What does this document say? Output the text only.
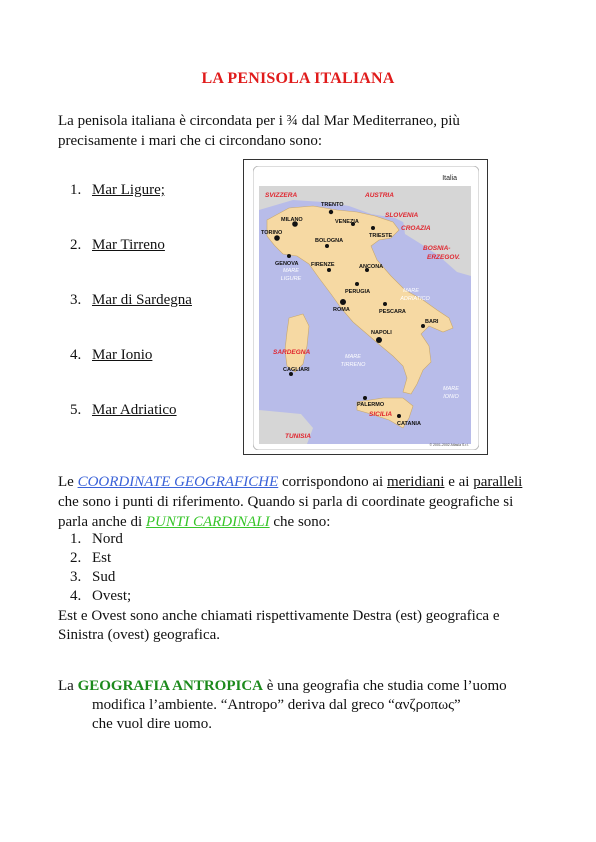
LA PENISOLA ITALIANA
La penisola italiana è circondata per i ¾ dal Mar Mediterraneo, più precisamente i mari che ci circondano sono:
1. Mar Ligure;
2. Mar Tirreno
3. Mar di Sardegna
4. Mar Ionio
5. Mar Adriatico
Italia
SVIZZERA	AUSTRIA
SLOVENIA
CROAZIA
BOSNIA-
ERZEGOV.
TUNISIA
SARDEGNA
SICILIA
MARE
LIGURE
MARE
ADRIATICO
MARE
TIRRENO
MARE
IONIO
TRENTO
MILANO	VENEZIA
TRIESTE
TORINO
BOLOGNA
GENOVA FIRENZE	ANCONA
PERUGIA
ROMA	PESCARA
NAPOLI
BARI
CAGLIARI
PALERMO
CATANIA
© 2001-2002 Atlasia S.r.l.
Le COORDINATE GEOGRAFICHE corrispondono ai meridiani e ai paralleli che sono i punti di riferimento. Quando si parla di coordinate geografiche si parla anche di PUNTI CARDINALI che sono:
1. Nord
2. Est
3. Sud
4. Ovest;
Est e Ovest sono anche chiamati rispettivamente Destra (est) geografica e Sinistra (ovest) geografica.
La GEOGRAFIA ANTROPICA è una geografia che studia come l’uomo
modifica l’ambiente. “Antropo” deriva dal greco “ανζροπως”
che vuol dire uomo.
